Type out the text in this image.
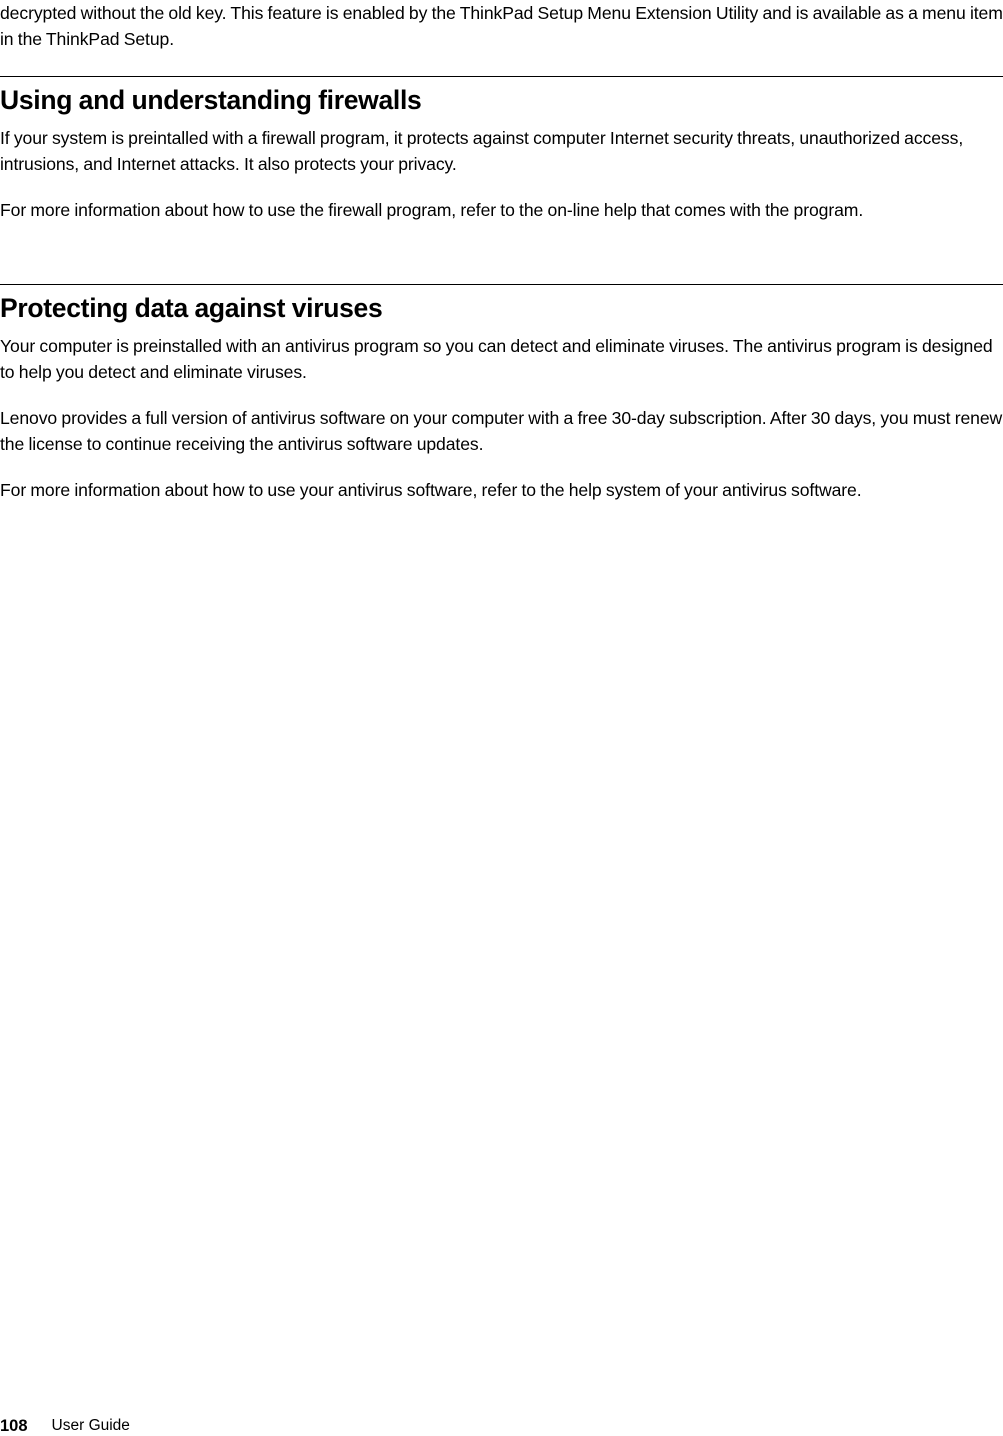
decrypted without the old key. This feature is enabled by the ThinkPad Setup Menu Extension Utility and is available as a menu item in the ThinkPad Setup.

Using and understanding firewalls

If your system is preintalled with a firewall program, it protects against computer Internet security threats, unauthorized access, intrusions, and Internet attacks. It also protects your privacy.

For more information about how to use the firewall program, refer to the on-line help that comes with the program.

Protecting data against viruses

Your computer is preinstalled with an antivirus program so you can detect and eliminate viruses. The antivirus program is designed to help you detect and eliminate viruses.

Lenovo provides a full version of antivirus software on your computer with a free 30-day subscription. After 30 days, you must renew the license to continue receiving the antivirus software updates.

For more information about how to use your antivirus software, refer to the help system of your antivirus software.

108 User Guide
